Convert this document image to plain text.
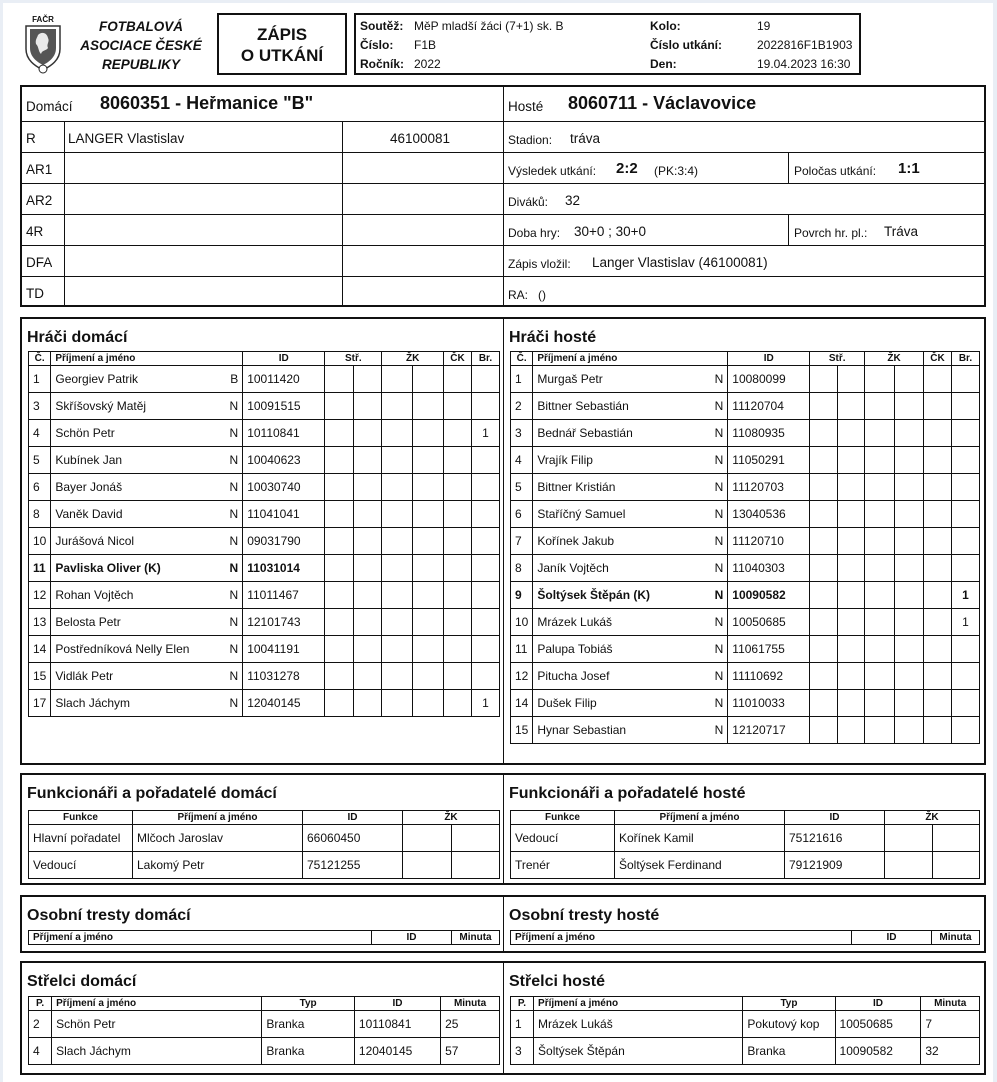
FAČR	FOTBALOVÁ
ASOCIACE ČESKÉ
REPUBLIKY
ZÁPIS
O UTKÁNÍ
Soutěž: MěP mladší žáci (7+1) sk. B
Číslo: F1B
Ročník: 2022
Kolo:	19
Číslo utkání:	2022816F1B1903
Den:	19.04.2023 16:30
Domácí 8060351 - Heřmanice "B"	Hosté 8060711 - Václavovice
R LANGER Vlastislav	46100081
AR1
AR2
4R
DFA
TD
Stadion: tráva
Výsledek utkání: 2:2 (PK:3:4)	Poločas utkání: 1:1
Diváků: 32
Doba hry: 30+0 ; 30+0	Povrch hr. pl.: Tráva
Zápis vložil: Langer Vlastislav (46100081)
RA: ()
Hráči domácí	Hráči hosté
Č.	Příjmení a jméno		ID	Stř.		ŽK		ČK	Br.
1	Georgiev Patrik	B	10011420						
3	Skříšovský Matěj	N	10091515						
4	Schön Petr	N	10110841						1
5	Kubínek Jan	N	10040623						
6	Bayer Jonáš	N	10030740						
8	Vaněk David	N	11041041						
10	Jurášová Nicol	N	09031790						
11	Pavliska Oliver (K)	N	11031014						
12	Rohan Vojtěch	N	11011467						
13	Belosta Petr	N	12101743						
14	Postředníková Nelly Elen	N	10041191						
15	Vidlák Petr	N	11031278						
17	Slach Jáchym	N	12040145						1
Č.	Příjmení a jméno		ID	Stř.		ŽK		ČK	Br.
1	Murgaš Petr	N	10080099						
2	Bittner Sebastián	N	11120704						
3	Bednář Sebastián	N	11080935						
4	Vrajík Filip	N	11050291						
5	Bittner Kristián	N	11120703						
6	Staříčný Samuel	N	13040536						
7	Kořínek Jakub	N	11120710						
8	Janík Vojtěch	N	11040303						
9	Šoltýsek Štěpán (K)	N	10090582						1
10	Mrázek Lukáš	N	10050685						1
11	Palupa Tobiáš	N	11061755						
12	Pitucha Josef	N	11110692						
14	Dušek Filip	N	11010033						
15	Hynar Sebastian	N	12120717						
Funkcionáři a pořadatelé domácí	Funkcionáři a pořadatelé hosté
Funkce	Příjmení a jméno	ID	ŽK	
Hlavní pořadatel	Mlčoch Jaroslav	66060450		
Vedoucí	Lakomý Petr	75121255		
Funkce	Příjmení a jméno	ID	ŽK	
Vedoucí	Kořínek Kamil	75121616		
Trenér	Šoltýsek Ferdinand	79121909		
Osobní tresty domácí	Osobní tresty hosté
Příjmení a jméno	ID	Minuta Příjmení a jméno	ID	Minuta
Střelci domácí	Střelci hosté
P.	Příjmení a jméno	Typ	ID	Minuta
2	Schön Petr	Branka	10110841	25
4	Slach Jáchym	Branka	12040145	57
P.	Příjmení a jméno	Typ	ID	Minuta
1	Mrázek Lukáš	Pokutový kop	10050685	7
3	Šoltýsek Štěpán	Branka	10090582	32
